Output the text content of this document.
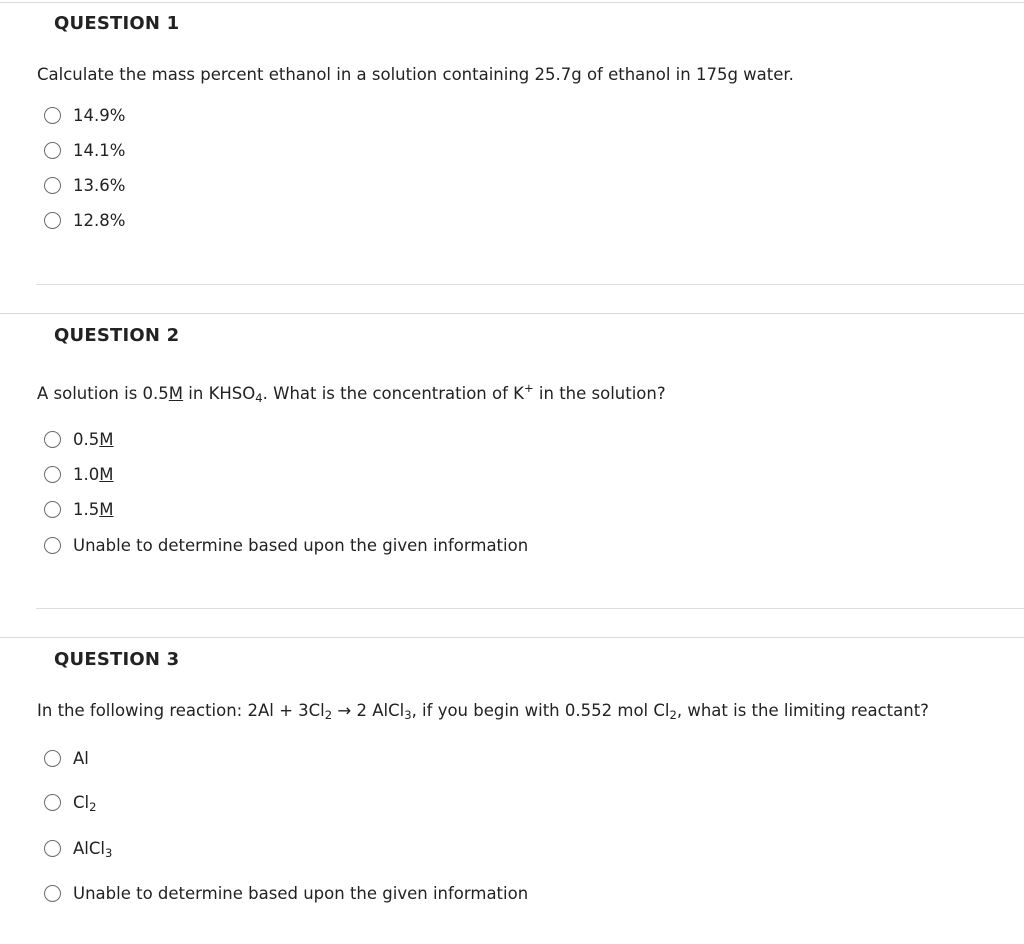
QUESTION 1
Calculate the mass percent ethanol in a solution containing 25.7g of ethanol in 175g water.
14.9%
14.1%
13.6%
12.8%
QUESTION 2
A solution is 0.5M in $KHSO_4$. What is the concentration of K+ in the solution?
0.5M
1.0M
1.5M
Unable to determine based upon the given information
QUESTION 3
In the following reaction: $2Al + 3Cl_2 \to 2$ AlCl$_3$, if you begin with 0.552 mol $Cl_2$, what is the limiting reactant?
Al
$Cl_2$
AlCl$_3$
Unable to determine based upon the given information
